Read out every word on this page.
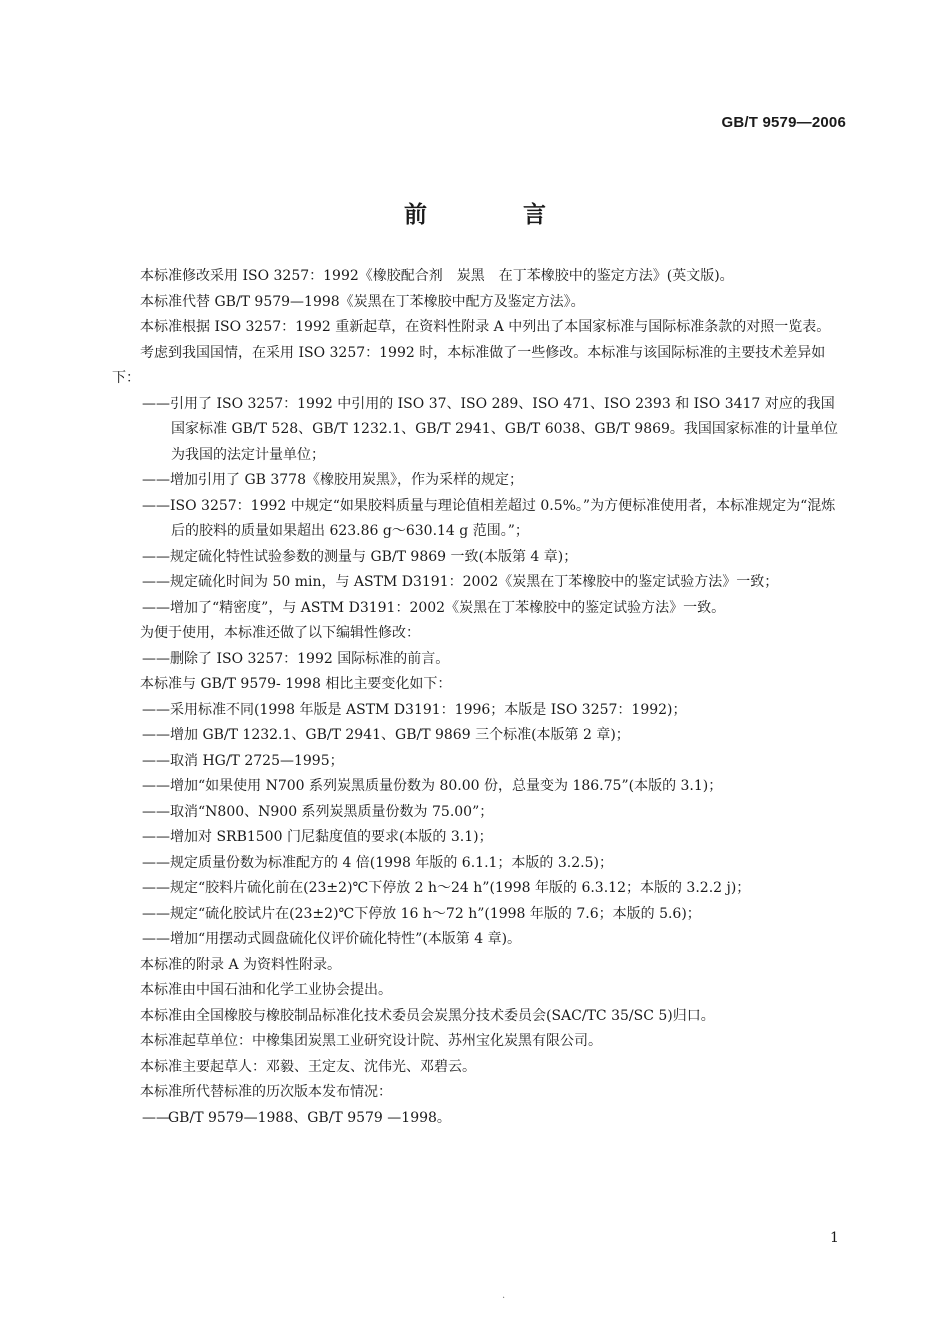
GB/T 9579—2006
前 言

本标准修改采用 ISO 3257：1992《橡胶配合剂　炭黑　在丁苯橡胶中的鉴定方法》(英文版)。

本标准代替 GB/T 9579—1998《炭黑在丁苯橡胶中配方及鉴定方法》。

本标准根据 ISO 3257：1992 重新起草，在资料性附录 A 中列出了本国家标准与国际标准条款的对照一览表。

考虑到我国国情，在采用 ISO 3257：1992 时，本标准做了一些修改。本标准与该国际标准的主要技术差异如下：

——引用了 ISO 3257：1992 中引用的 ISO 37、ISO 289、ISO 471、ISO 2393 和 ISO 3417 对应的我国国家标准 GB/T 528、GB/T 1232.1、GB/T 2941、GB/T 6038、GB/T 9869。我国国家标准的计量单位为我国的法定计量单位；

——增加引用了 GB 3778《橡胶用炭黑》，作为采样的规定；

——ISO 3257：1992 中规定“如果胶料质量与理论值相差超过 0.5%。”为方便标准使用者，本标准规定为“混炼后的胶料的质量如果超出 623.86 g～630.14 g 范围。”；

——规定硫化特性试验参数的测量与 GB/T 9869 一致(本版第 4 章)；

——规定硫化时间为 50 min，与 ASTM D3191：2002《炭黑在丁苯橡胶中的鉴定试验方法》一致；

——增加了“精密度”，与 ASTM D3191：2002《炭黑在丁苯橡胶中的鉴定试验方法》一致。

为便于使用，本标准还做了以下编辑性修改：

——删除了 ISO 3257：1992 国际标准的前言。

本标准与 GB/T 9579- 1998 相比主要变化如下：

——采用标准不同(1998 年版是 ASTM D3191：1996；本版是 ISO 3257：1992)；

——增加 GB/T 1232.1、GB/T 2941、GB/T 9869 三个标准(本版第 2 章)；

——取消 HG/T 2725—1995；

——增加“如果使用 N700 系列炭黑质量份数为 80.00 份，总量变为 186.75”(本版的 3.1)；

——取消“N800、N900 系列炭黑质量份数为 75.00”；

——增加对 SRB1500 门尼黏度值的要求(本版的 3.1)；

——规定质量份数为标准配方的 4 倍(1998 年版的 6.1.1；本版的 3.2.5)；

——规定“胶料片硫化前在(23±2)℃下停放 2 h～24 h”(1998 年版的 6.3.12；本版的 3.2.2 j)；

——规定“硫化胶试片在(23±2)℃下停放 16 h～72 h”(1998 年版的 7.6；本版的 5.6)；

——增加“用摆动式圆盘硫化仪评价硫化特性”(本版第 4 章)。

本标准的附录 A 为资料性附录。

本标准由中国石油和化学工业协会提出。

本标准由全国橡胶与橡胶制品标准化技术委员会炭黑分技术委员会(SAC/TC 35/SC 5)归口。

本标准起草单位：中橡集团炭黑工业研究设计院、苏州宝化炭黑有限公司。

本标准主要起草人：邓毅、王定友、沈伟光、邓碧云。

本标准所代替标准的历次版本发布情况：

——
GB/T 9579—1988、GB/T 9579 —1998。

1
.
